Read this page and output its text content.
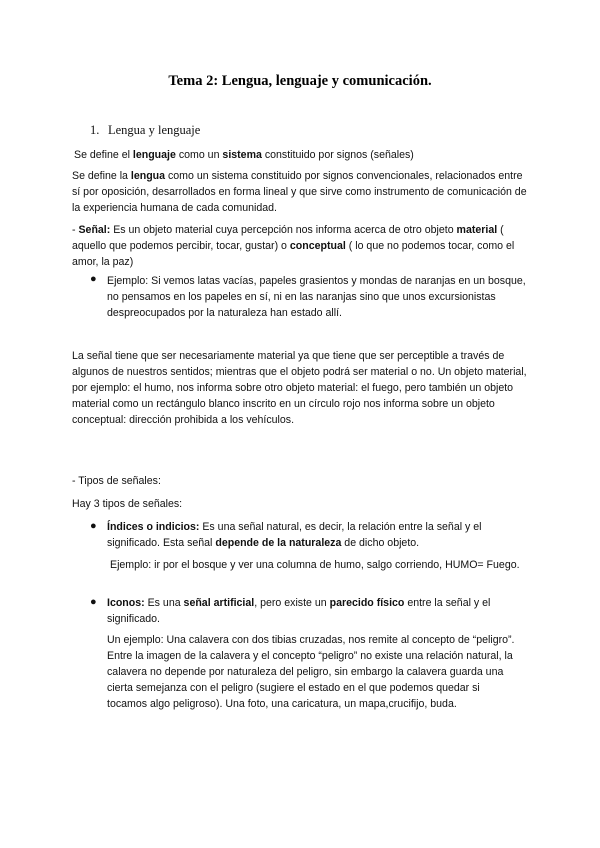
Tema 2: Lengua, lenguaje y comunicación.
1. Lengua y lenguaje
Se define el lenguaje como un sistema constituido por signos (señales)
Se define la lengua como un sistema constituido por signos convencionales, relacionados entre sí por oposición, desarrollados en forma lineal y que sirve como instrumento de comunicación de la experiencia humana de cada comunidad.
- Señal: Es un objeto material cuya percepción nos informa acerca de otro objeto material ( aquello que podemos percibir, tocar, gustar) o conceptual ( lo que no podemos tocar, como el amor, la paz)
● Ejemplo: Si vemos latas vacías, papeles grasientos y mondas de naranjas en un bosque, no pensamos en los papeles en sí, ni en las naranjas sino que unos excursionistas despreocupados por la naturaleza han estado allí.
La señal tiene que ser necesariamente material ya que tiene que ser perceptible a través de algunos de nuestros sentidos; mientras que el objeto podrá ser material o no. Un objeto material, por ejemplo: el humo, nos informa sobre otro objeto material: el fuego, pero también un objeto material como un rectángulo blanco inscrito en un círculo rojo nos informa sobre un objeto conceptual: dirección prohibida a los vehículos.
- Tipos de señales:
Hay 3 tipos de señales:
● Índices o indicios: Es una señal natural, es decir, la relación entre la señal y el significado. Esta señal depende de la naturaleza de dicho objeto.
Ejemplo: ir por el bosque y ver una columna de humo, salgo corriendo, HUMO= Fuego.
● Iconos: Es una señal artificial, pero existe un parecido físico entre la señal y el significado.
Un ejemplo: Una calavera con dos tibias cruzadas, nos remite al concepto de “peligro”. Entre la imagen de la calavera y el concepto “peligro” no existe una relación natural, la calavera no depende por naturaleza del peligro, sin embargo la calavera guarda una cierta semejanza con el peligro (sugiere el estado en el que podemos quedar si tocamos algo peligroso). Una foto, una caricatura, un mapa,crucifijo, buda.
